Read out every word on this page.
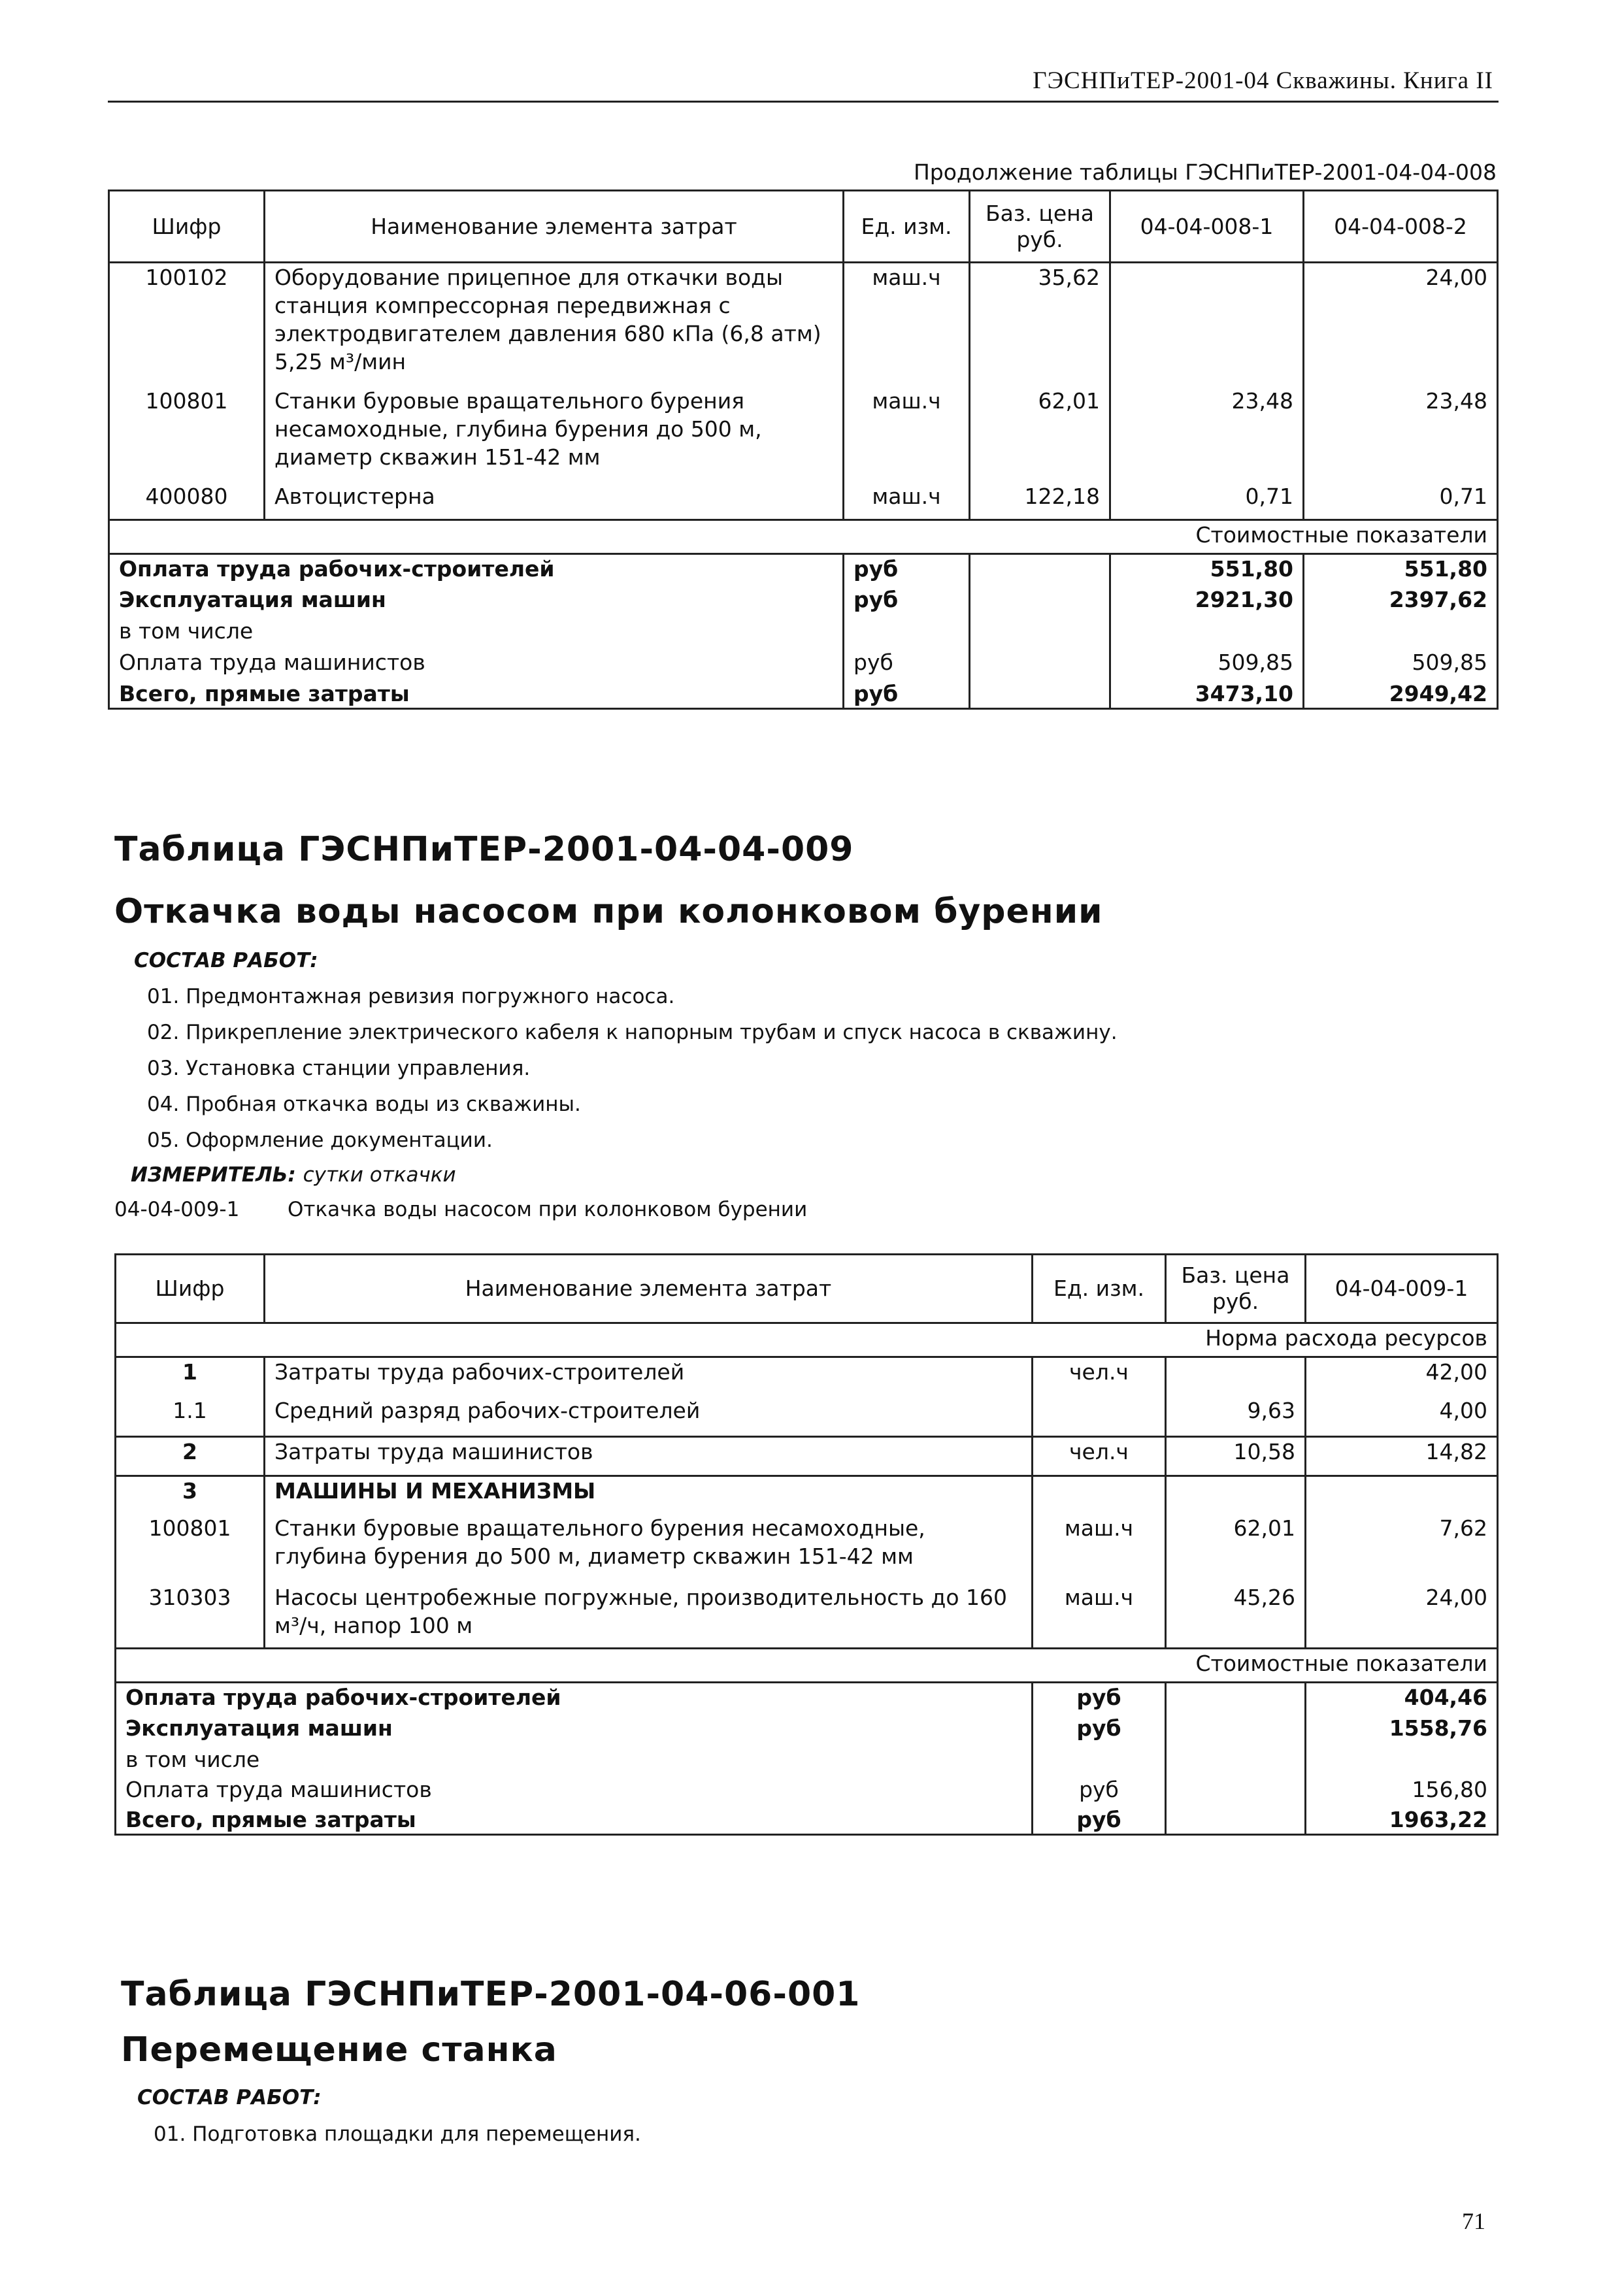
ГЭСНПиТЕР-2001-04 Скважины. Книга II
Продолжение таблицы ГЭСНПиТЕР-2001-04-04-008
Шифр	Наименование элемента затрат	Ед. изм.	Баз. цена руб.	04-04-008-1	04-04-008-2
100102	Оборудование прицепное для откачки воды станция компрессорная передвижная с электродвигателем давления 680 кПа (6,8 атм) 5,25 м³/мин	маш.ч	35,62		24,00
100801	Станки буровые вращательного бурения несамоходные, глубина бурения до 500 м, диаметр скважин 151-42 мм	маш.ч	62,01	23,48	23,48
400080	Автоцистерна	маш.ч	122,18	0,71	0,71
Стоимостные показатели					
Оплата труда рабочих-строителей		руб		551,80	551,80
Эксплуатация машин		руб		2921,30	2397,62
в том числе					
Оплата труда машинистов		руб		509,85	509,85
Всего, прямые затраты		руб		3473,10	2949,42
Таблица ГЭСНПиТЕР-2001-04-04-009
Откачка воды насосом при колонковом бурении
СОСТАВ РАБОТ:
01. Предмонтажная ревизия погружного насоса.
02. Прикрепление электрического кабеля к напорным трубам и спуск насоса в скважину.
03. Установка станции управления.
04. Пробная откачка воды из скважины.
05. Оформление документации.
ИЗМЕРИТЕЛЬ: сутки откачки
04-04-009-1 Откачка воды насосом при колонковом бурении
Шифр	Наименование элемента затрат	Ед. изм.	Баз. цена руб.	04-04-009-1
Норма расхода ресурсов				
1	Затраты труда рабочих-строителей	чел.ч		42,00
1.1	Средний разряд рабочих-строителей		9,63	4,00
2	Затраты труда машинистов	чел.ч	10,58	14,82
3	МАШИНЫ И МЕХАНИЗМЫ			
100801	Станки буровые вращательного бурения несамоходные, глубина бурения до 500 м, диаметр скважин 151-42 мм	маш.ч	62,01	7,62
310303	Насосы центробежные погружные, производительность до 160 м³/ч, напор 100 м	маш.ч	45,26	24,00
Стоимостные показатели				
Оплата труда рабочих-строителей		руб		404,46
Эксплуатация машин		руб		1558,76
в том числе				
Оплата труда машинистов		руб		156,80
Всего, прямые затраты		руб		1963,22
Таблица ГЭСНПиТЕР-2001-04-06-001
Перемещение станка
СОСТАВ РАБОТ:
01. Подготовка площадки для перемещения.
71
